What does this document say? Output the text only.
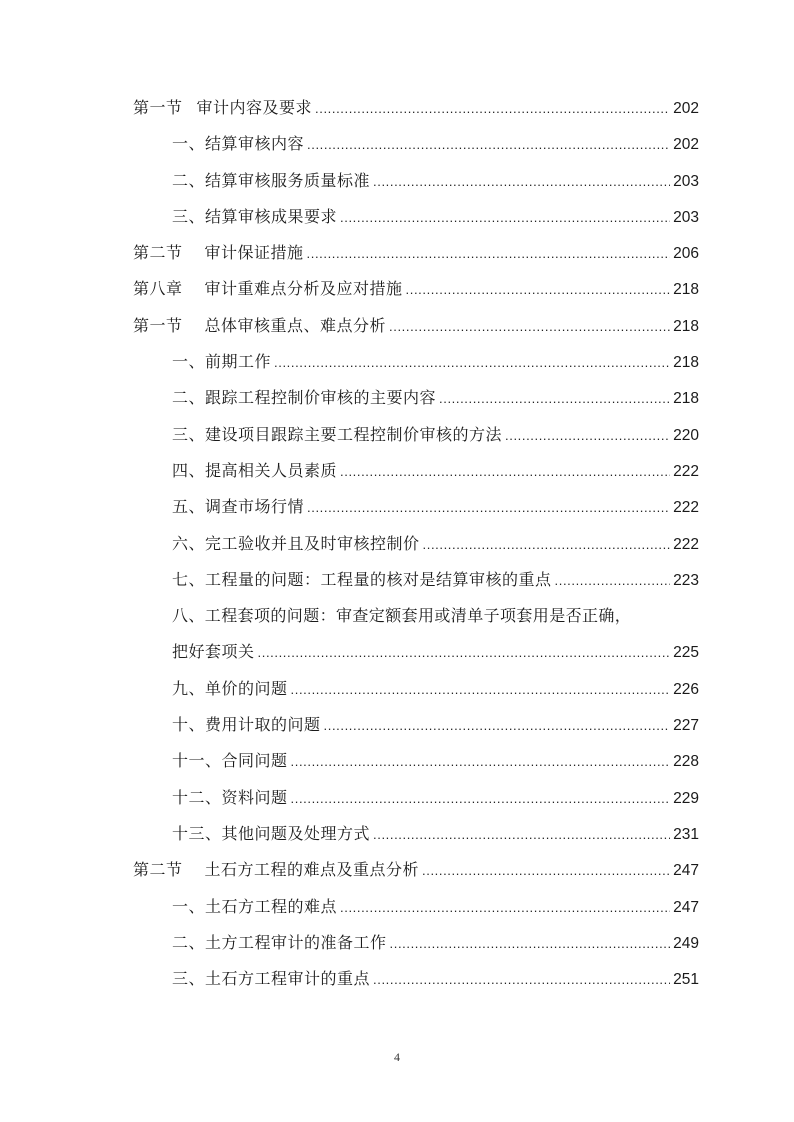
第一节 审计内容及要求 .....	202
一、结算审核内容 .....	202
二、结算审核服务质量标准 .....	203
三、结算审核成果要求 .....	203
第二节 审计保证措施 .....	206
第八章 审计重难点分析及应对措施 .....	218
第一节 总体审核重点、难点分析 .....	218
一、前期工作 .....	218
二、跟踪工程控制价审核的主要内容 .....	218
三、建设项目跟踪主要工程控制价审核的方法 .....	220
四、提高相关人员素质 .....	222
五、调查市场行情 .....	222
六、完工验收并且及时审核控制价 .....	222
七、工程量的问题：工程量的核对是结算审核的重点 .....	223
八、工程套项的问题：审查定额套用或清单子项套用是否正确，
把好套项关 .....	225
九、单价的问题 .....	226
十、费用计取的问题 .....	227
十一、合同问题 .....	228
十二、资料问题 .....	229
十三、其他问题及处理方式 .....	231
第二节 土石方工程的难点及重点分析 .....	247
一、土石方工程的难点 .....	247
二、土方工程审计的准备工作 .....	249
三、土石方工程审计的重点 .....	251
4
